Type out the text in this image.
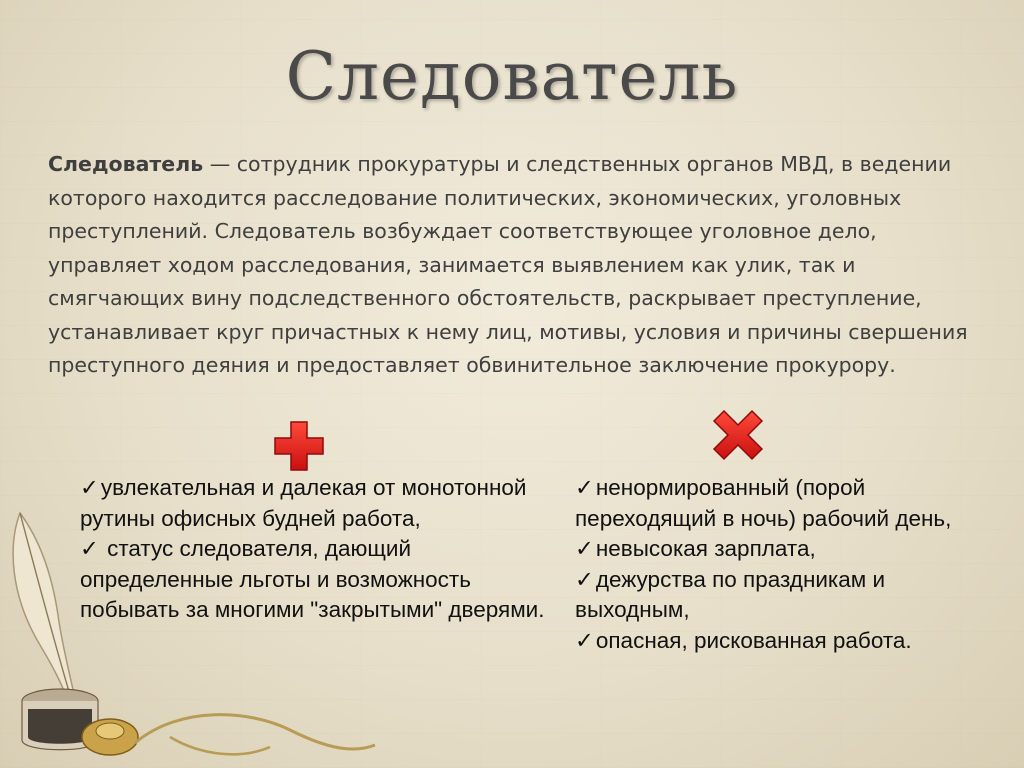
Следователь
Следователь — сотрудник прокуратуры и следственных органов МВД, в ведении которого находится расследование политических, экономических, уголовных преступлений. Следователь возбуждает соответствующее уголовное дело, управляет ходом расследования, занимается выявлением как улик, так и смягчающих вину подследственного обстоятельств, раскрывает преступление, устанавливает круг причастных к нему лиц, мотивы, условия и причины свершения преступного деяния и предоставляет обвинительное заключение прокурору.
✓увлекательная и далекая от монотонной рутины офисных будней работа,
✓ статус следователя, дающий определенные льготы и возможность побывать за многими "закрытыми" дверями.
✓ненормированный (порой переходящий в ночь) рабочий день,
✓невысокая зарплата,
✓дежурства по праздникам и выходным,
✓опасная, рискованная работа.
